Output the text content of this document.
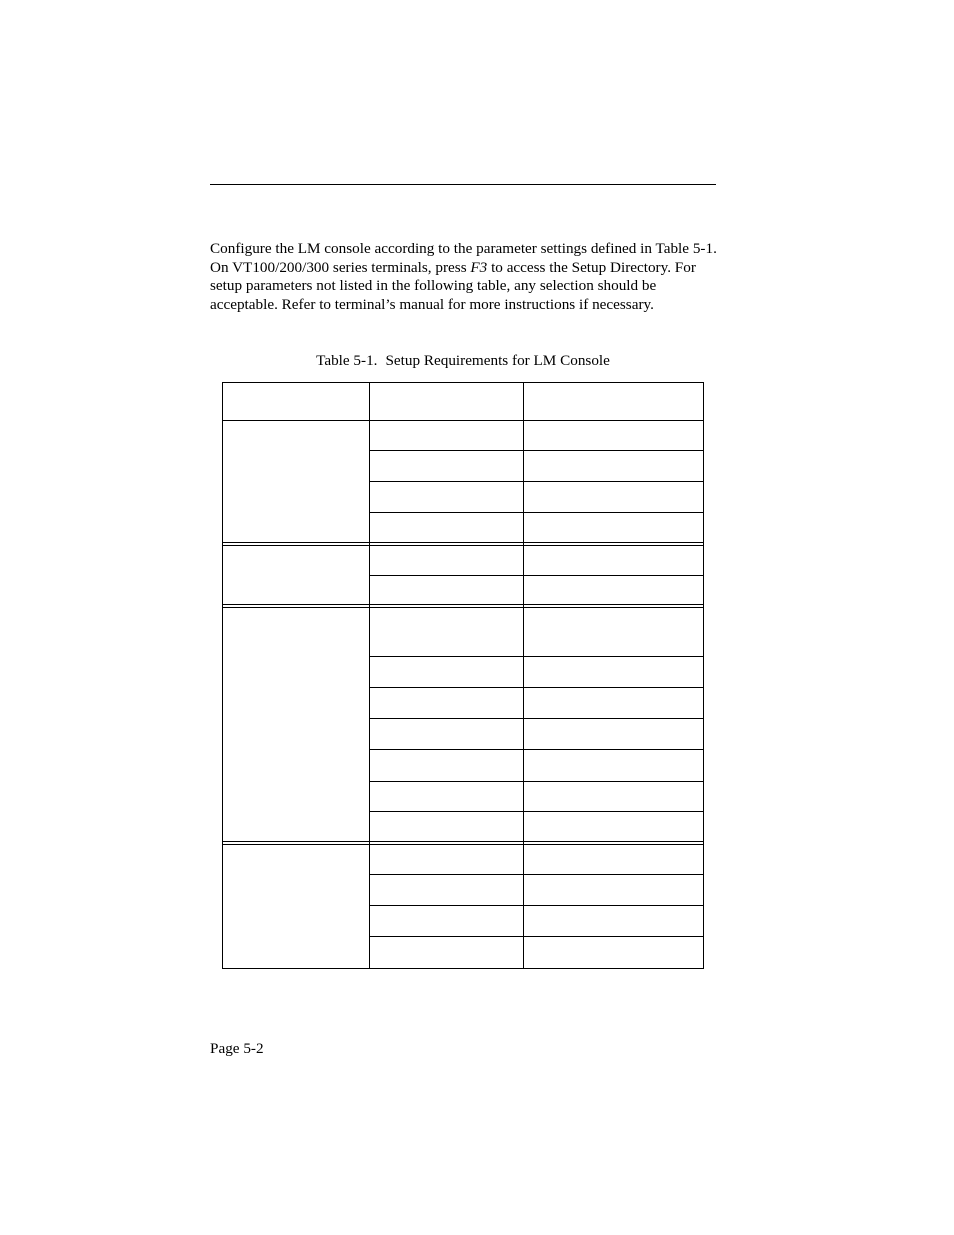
Configure the LM console according to the parameter settings defined in Table 5-1. On VT100/200/300 series terminals, press F3 to access the Setup Directory. For setup parameters not listed in the following table, any selection should be acceptable. Refer to terminal’s manual for more instructions if necessary.

Table 5-1. Setup Requirements for LM Console

Page 5-2
